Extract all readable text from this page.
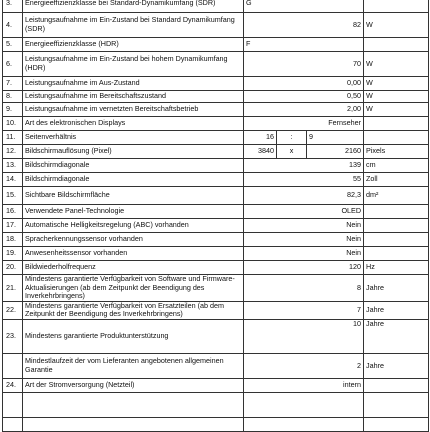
3.	Energieeffizienzklasse bei Standard-Dynamikumfang (SDR)	G			
4.	Leistungsaufnahme im Ein-Zustand bei Standard Dynamikumfang (SDR)	82			W
5.	Energieeffizienzklasse (HDR)	F			
6.	Leistungsaufnahme im Ein-Zustand bei hohem Dynamikumfang (HDR)	70			W
7.	Leistungsaufnahme im Aus-Zustand	0,00			W
8.	Leistungsaufnahme im Bereitschaftszustand	0,50			W
9.	Leistungsaufnahme im vernetzten Bereitschaftsbetrieb	2,00			W
10.	Art des elektronischen Displays	Fernseher			
11.	Seitenverhältnis	16	:	9	
12.	Bildschirmauflösung (Pixel)	3840	x	2160	Pixels
13.	Bildschirmdiagonale	139			cm
14.	Bildschirmdiagonale	55			Zoll
15.	Sichtbare Bildschirmfläche	82,3			dm²
16.	Verwendete Panel-Technologie	OLED			
17.	Automatische Helligkeitsregelung (ABC) vorhanden	Nein			
18.	Spracherkennungssensor vorhanden	Nein			
19.	Anwesenheitssensor vorhanden	Nein			
20.	Bildwiederholfrequenz	120			Hz
21.	Mindestens garantierte Verfügbarkeit von Software und Firmware-Aktualisierungen (ab dem Zeitpunkt der Beendigung des Inverkehrbringens)	8			Jahre
22.	Mindestens garantierte Verfügbarkeit von Ersatzteilen (ab dem Zeitpunkt der Beendigung des Inverkehrbringens)	7			Jahre
23.	Mindestens garantierte Produktunterstützung	10			Jahre
	Mindestlaufzeit der vom Lieferanten angebotenen allgemeinen Garantie	2			Jahre
24.	Art der Stromversorgung (Netzteil)	intern			
